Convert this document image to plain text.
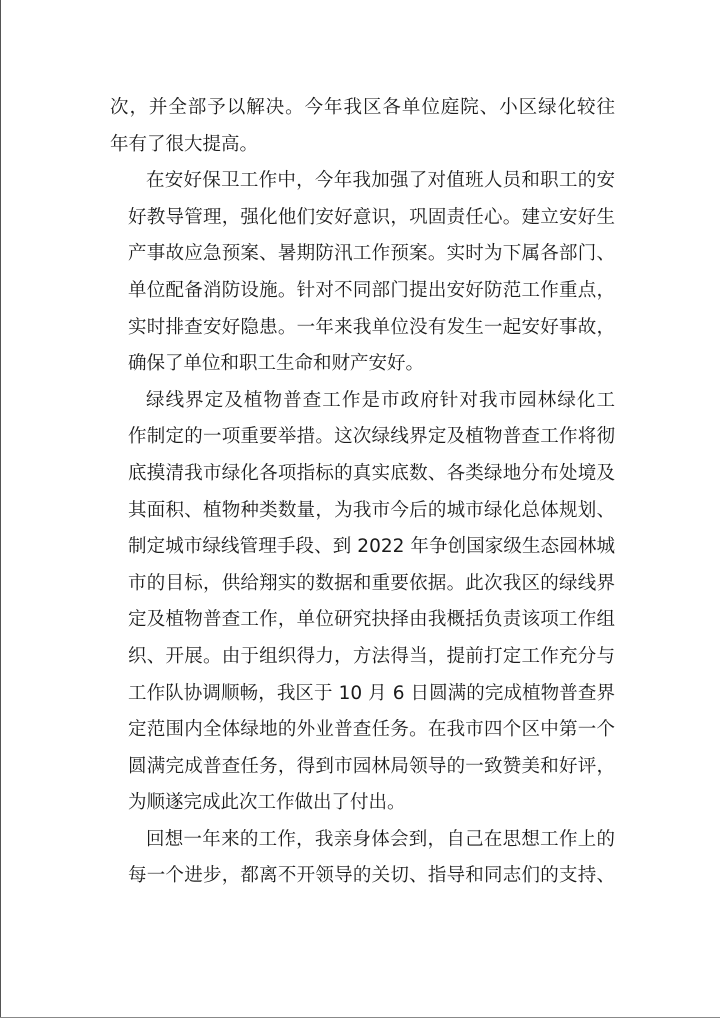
次，并全部予以解决。今年我区各单位庭院、小区绿化较往
年有了很大提高。

在安好保卫工作中，今年我加强了对值班人员和职工的安
好教导管理，强化他们安好意识，巩固责任心。建立安好生
产事故应急预案、暑期防汛工作预案。实时为下属各部门、
单位配备消防设施。针对不同部门提出安好防范工作重点，
实时排查安好隐患。一年来我单位没有发生一起安好事故，
确保了单位和职工生命和财产安好。

绿线界定及植物普查工作是市政府针对我市园林绿化工
作制定的一项重要举措。这次绿线界定及植物普查工作将彻
底摸清我市绿化各项指标的真实底数、各类绿地分布处境及
其面积、植物种类数量，为我市今后的城市绿化总体规划、
制定城市绿线管理手段、到 2022 年争创国家级生态园林城
市的目标，供给翔实的数据和重要依据。此次我区的绿线界
定及植物普查工作，单位研究抉择由我概括负责该项工作组
织、开展。由于组织得力，方法得当，提前打定工作充分与
工作队协调顺畅，我区于 10 月 6 日圆满的完成植物普查界
定范围内全体绿地的外业普查任务。在我市四个区中第一个
圆满完成普查任务，得到市园林局领导的一致赞美和好评，
为顺遂完成此次工作做出了付出。

回想一年来的工作，我亲身体会到，自己在思想工作上的
每一个进步，都离不开领导的关切、指导和同志们的支持、
